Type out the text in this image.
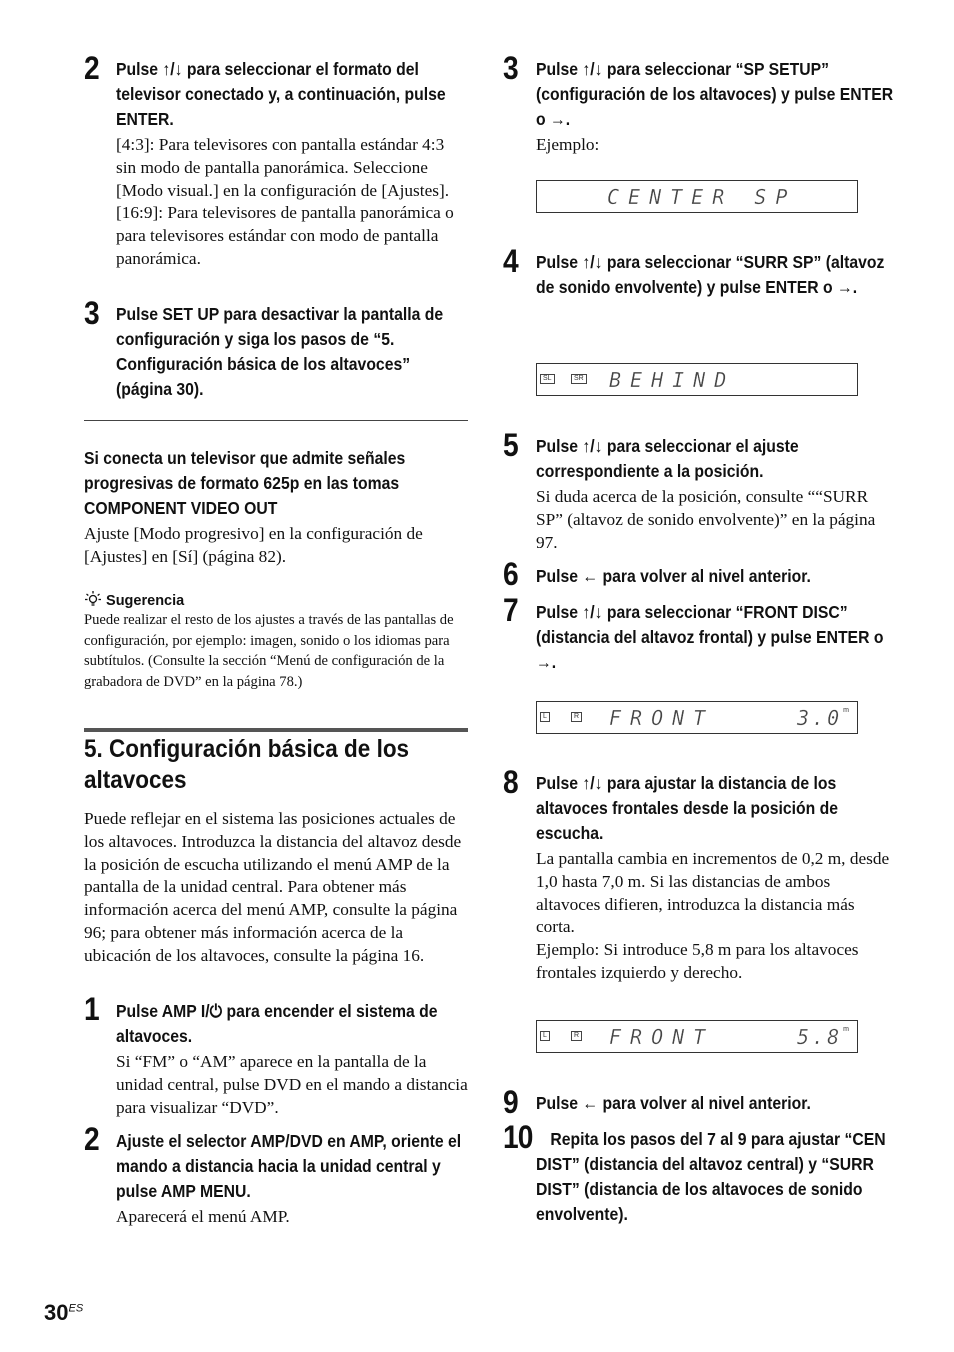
2 Pulse ↑/↓ para seleccionar el formato del televisor conectado y, a continuación, pulse ENTER.

[4:3]: Para televisores con pantalla estándar 4:3 sin modo de pantalla panorámica. Seleccione [Modo visual.] en la configuración de [Ajustes]. [16:9]: Para televisores de pantalla panorámica o para televisores estándar con modo de pantalla panorámica.

3 Pulse SET UP para desactivar la pantalla de configuración y siga los pasos de “5. Configuración básica de los altavoces” (página 30).

Si conecta un televisor que admite señales progresivas de formato 625p en las tomas COMPONENT VIDEO OUT

Ajuste [Modo progresivo] en la configuración de [Ajustes] en [Sí] (página 82).

Sugerencia

Puede realizar el resto de los ajustes a través de las pantallas de configuración, por ejemplo: imagen, sonido o los idiomas para subtítulos. (Consulte la sección “Menú de configuración de la grabadora de DVD” en la página 78.)

5. Configuración básica de los altavoces

Puede reflejar en el sistema las posiciones actuales de los altavoces. Introduzca la distancia del altavoz desde la posición de escucha utilizando el menú AMP de la pantalla de la unidad central. Para obtener más información acerca del menú AMP, consulte la página 96; para obtener más información acerca de la ubicación de los altavoces, consulte la página 16.

1 Pulse AMP I/⏻ para encender el sistema de altavoces.

Si “FM” o “AM” aparece en la pantalla de la unidad central, pulse DVD en el mando a distancia para visualizar “DVD”.

2 Ajuste el selector AMP/DVD en AMP, oriente el mando a distancia hacia la unidad central y pulse AMP MENU.

Aparecerá el menú AMP.

3 Pulse ↑/↓ para seleccionar “SP SETUP” (configuración de los altavoces) y pulse ENTER o →.

Ejemplo:

CENTER SP
4 Pulse ↑/↓ para seleccionar “SURR SP” (altavoz de sonido envolvente) y pulse ENTER o →.

SL	SR BEHIND
5 Pulse ↑/↓ para seleccionar el ajuste correspondiente a la posición.

Si duda acerca de la posición, consulte ““SURR SP” (altavoz de sonido envolvente)” en la página 97.

6 Pulse ← para volver al nivel anterior.

7 Pulse ↑/↓ para seleccionar “FRONT DISC” (distancia del altavoz frontal) y pulse ENTER o →.

L	R FRONT	3.0 m
8 Pulse ↑/↓ para ajustar la distancia de los altavoces frontales desde la posición de escucha.

La pantalla cambia en incrementos de 0,2 m, desde 1,0 hasta 7,0 m. Si las distancias de ambos altavoces difieren, introduzca la distancia más corta.

Ejemplo: Si introduce 5,8 m para los altavoces frontales izquierdo y derecho.

L	R FRONT	5.8 m
9 Pulse ← para volver al nivel anterior.

10	Repita los pasos del 7 al 9 para ajustar “CEN DIST” (distancia del altavoz central) y “SURR DIST” (distancia de los altavoces de sonido envolvente).

$30^{ES}$
